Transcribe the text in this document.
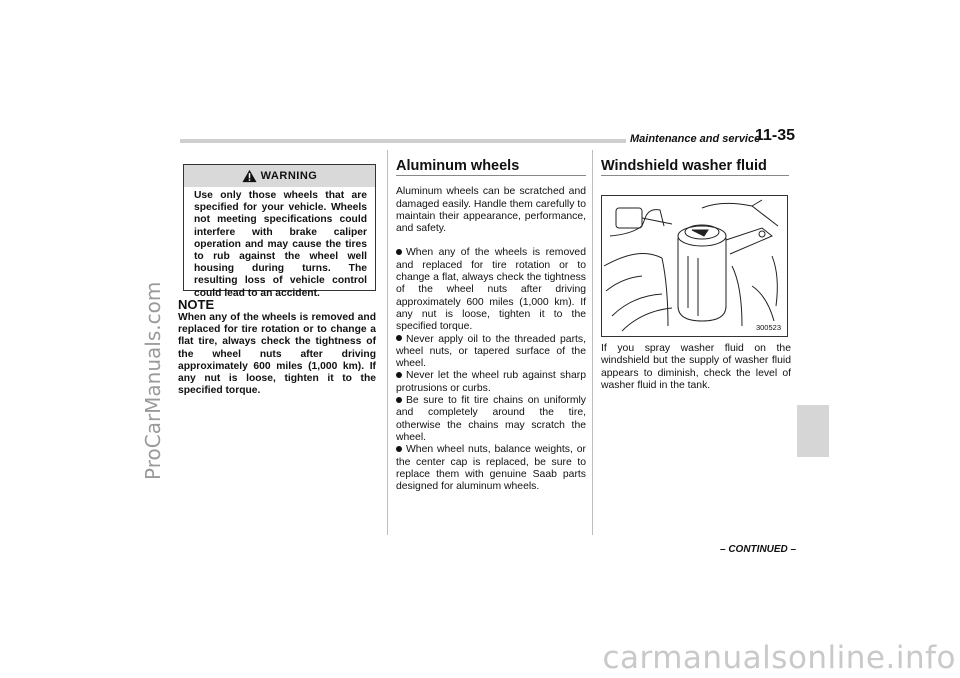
ProCarManuals.com
carmanualsonline.info
Maintenance and service
11-35
WARNING
Use only those wheels that are specified for your vehicle. Wheels not meeting specifications could interfere with brake caliper operation and may cause the tires to rub against the wheel well housing during turns. The resulting loss of vehicle control could lead to an accident.
NOTE
When any of the wheels is removed and replaced for tire rotation or to change a flat tire, always check the tightness of the wheel nuts after driving approximately 600 miles (1,000 km). If any nut is loose, tighten it to the specified torque.
Aluminum wheels

Aluminum wheels can be scratched and damaged easily. Handle them carefully to maintain their appearance, performance, and safety.

When any of the wheels is removed and replaced for tire rotation or to change a flat, always check the tightness of the wheel nuts after driving approximately 600 miles (1,000 km). If any nut is loose, tighten it to the specified torque.

Never apply oil to the threaded parts, wheel nuts, or tapered surface of the wheel.

Never let the wheel rub against sharp protrusions or curbs.

Be sure to fit tire chains on uniformly and completely around the tire, otherwise the chains may scratch the wheel.

When wheel nuts, balance weights, or the center cap is replaced, be sure to replace them with genuine Saab parts designed for aluminum wheels.

Windshield washer fluid
300523

If you spray washer fluid on the windshield but the supply of washer fluid appears to diminish, check the level of washer fluid in the tank.

– CONTINUED –
